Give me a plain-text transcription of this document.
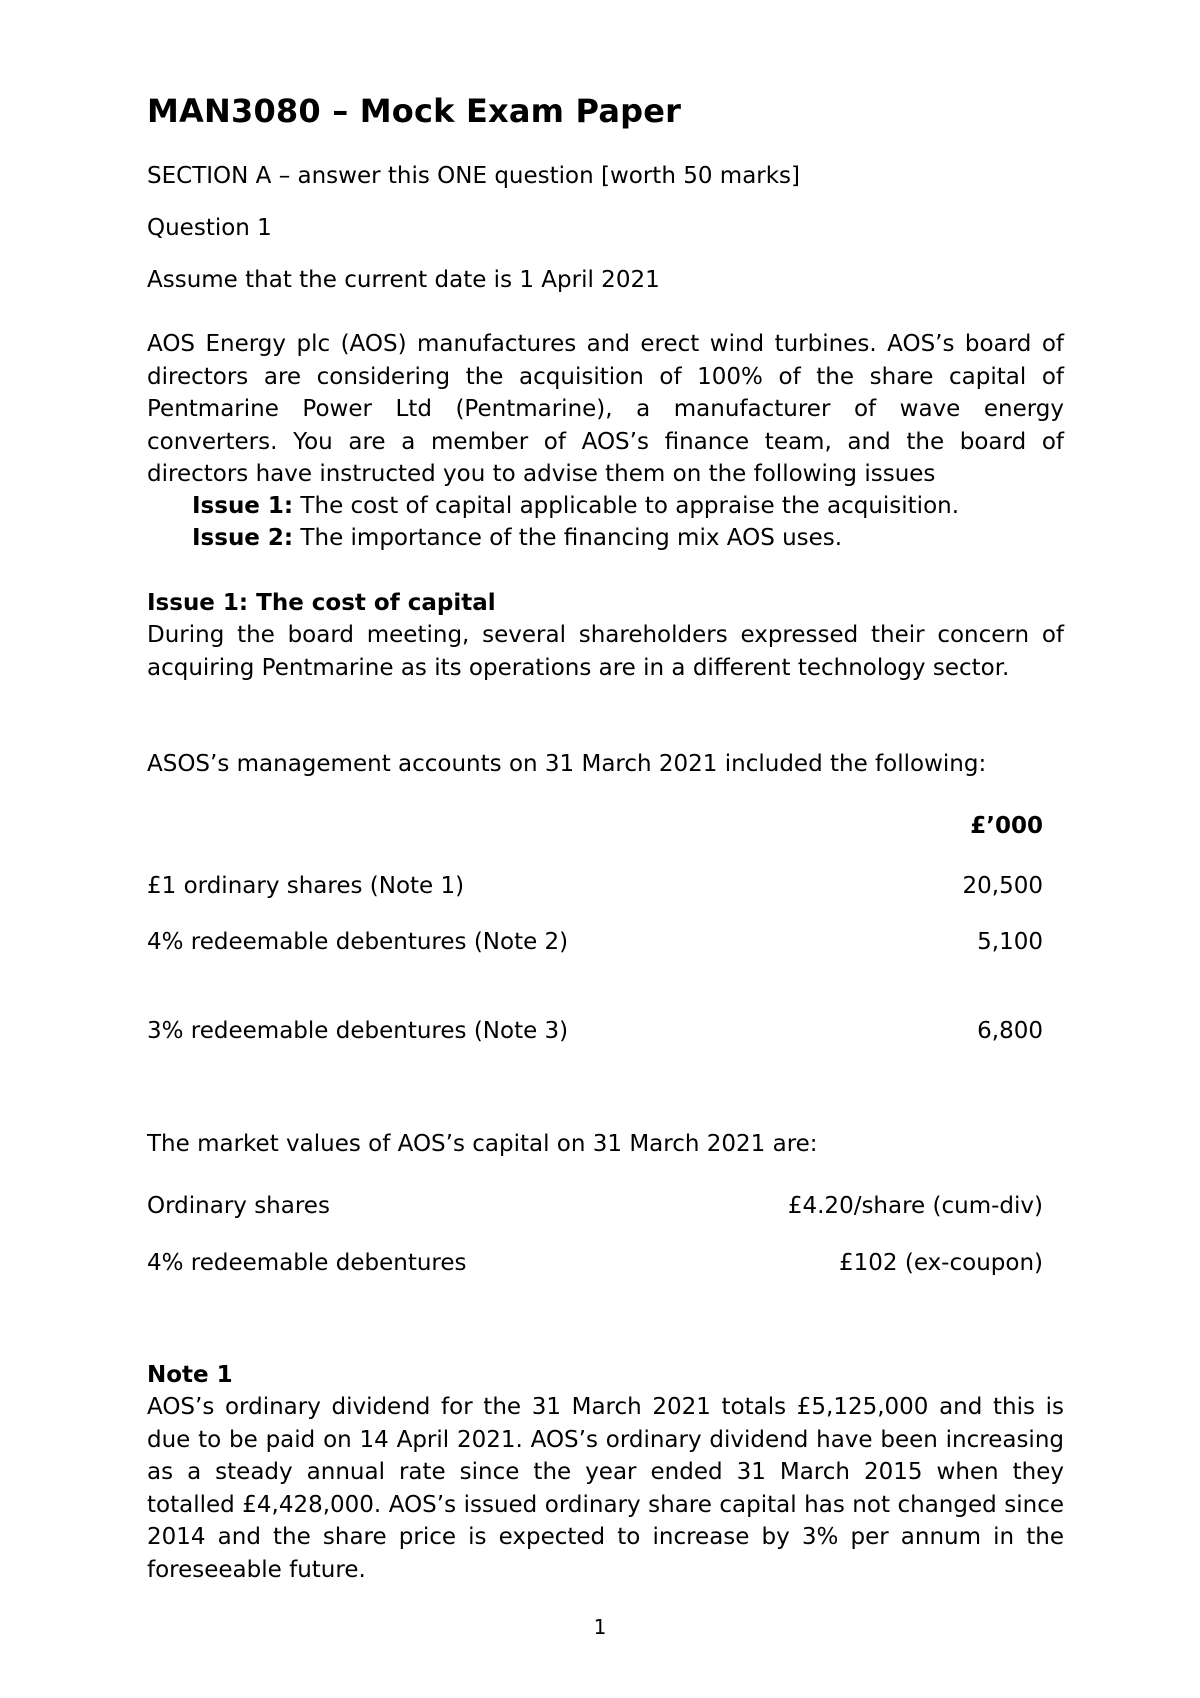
MAN3080 – Mock Exam Paper
SECTION A – answer this ONE question [worth 50 marks]
Question 1
Assume that the current date is 1 April 2021
AOS Energy plc (AOS) manufactures and erect wind turbines. AOS’s board of directors are considering the acquisition of 100% of the share capital of Pentmarine Power Ltd (Pentmarine), a manufacturer of wave energy converters. You are a member of AOS’s finance team, and the board of directors have instructed you to advise them on the following issues
Issue 1: The cost of capital applicable to appraise the acquisition.
Issue 2: The importance of the financing mix AOS uses.
Issue 1: The cost of capital
During the board meeting, several shareholders expressed their concern of acquiring Pentmarine as its operations are in a different technology sector.
ASOS’s management accounts on 31 March 2021 included the following:
£’000
£1 ordinary shares (Note 1)	20,500
4% redeemable debentures (Note 2)	5,100
3% redeemable debentures (Note 3)	6,800
The market values of AOS’s capital on 31 March 2021 are:
Ordinary shares	£4.20/share (cum-div)
4% redeemable debentures	£102 (ex-coupon)
Note 1
AOS’s ordinary dividend for the 31 March 2021 totals £5,125,000 and this is due to be paid on 14 April 2021. AOS’s ordinary dividend have been increasing as a steady annual rate since the year ended 31 March 2015 when they totalled £4,428,000. AOS’s issued ordinary share capital has not changed since 2014 and the share price is expected to increase by 3% per annum in the foreseeable future.
1
